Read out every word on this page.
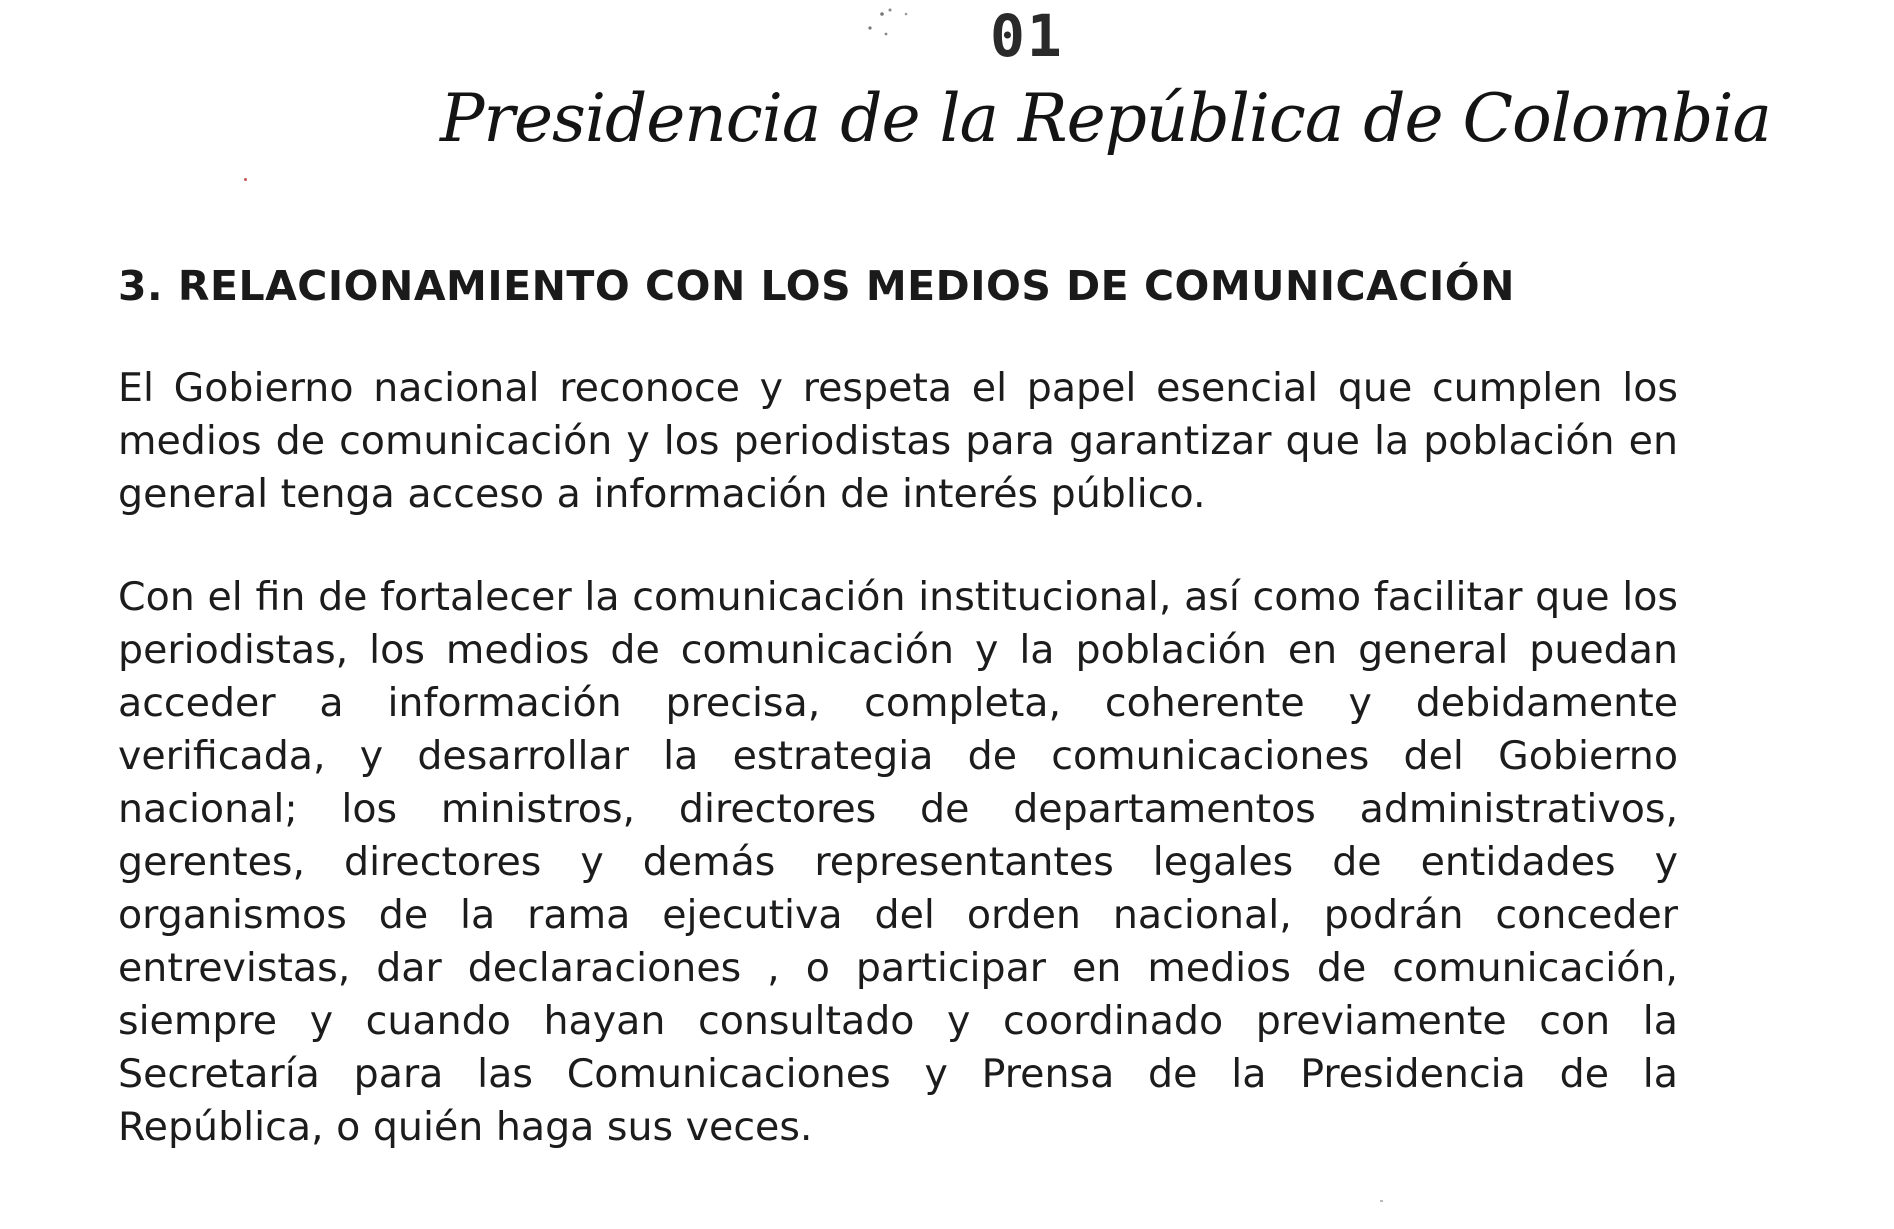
01
Presidencia de la República de Colombia
3. RELACIONAMIENTO CON LOS MEDIOS DE COMUNICACIÓN

El Gobierno nacional reconoce y respeta el papel esencial que cumplen los medios de comunicación y los periodistas para garantizar que la población en general tenga acceso a información de interés público.

Con el fin de fortalecer la comunicación institucional, así como facilitar que los periodistas, los medios de comunicación y la población en general puedan acceder a información precisa, completa, coherente y debidamente verificada, y desarrollar la estrategia de comunicaciones del Gobierno nacional; los ministros, directores de departamentos administrativos, gerentes, directores y demás representantes legales de entidades y organismos de la rama ejecutiva del orden nacional, podrán conceder entrevistas, dar declaraciones , o participar en medios de comunicación, siempre y cuando hayan consultado y coordinado previamente con la Secretaría para las Comunicaciones y Prensa de la Presidencia de la República, o quién haga sus veces.
